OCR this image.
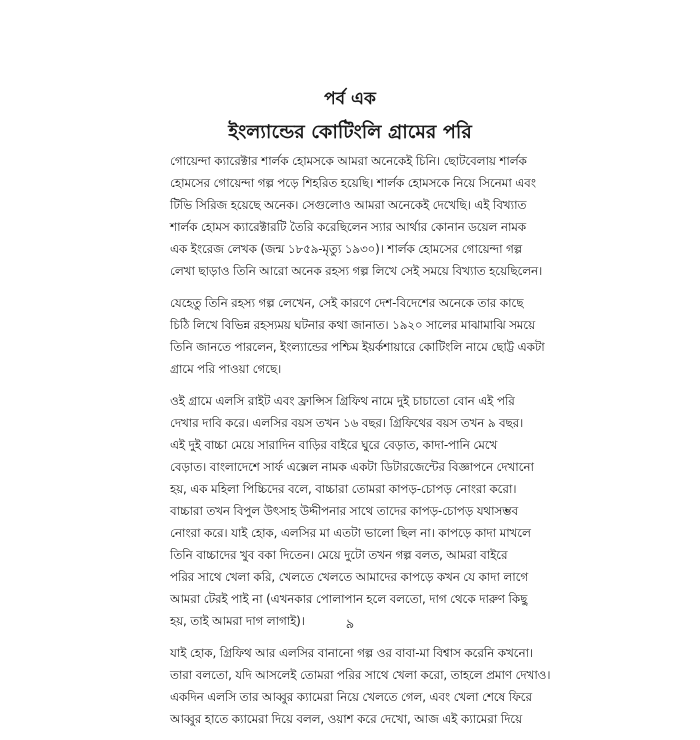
পর্ব এক
ইংল্যান্ডের কোটিংলি গ্রামের পরি
গোয়েন্দা ক্যারেক্টার শার্লক হোমসকে আমরা অনেকেই চিনি। ছোটবেলায় শার্লক
হোমসের গোয়েন্দা গল্প পড়ে শিহরিত হয়েছি। শার্লক হোমসকে নিয়ে সিনেমা এবং
টিভি সিরিজ হয়েছে অনেক। সেগুলোও আমরা অনেকেই দেখেছি। এই বিখ্যাত
শার্লক হোমস ক্যারেক্টারটি তৈরি করেছিলেন স্যার আর্থার কোনান ডয়েল নামক
এক ইংরেজ লেখক (জন্ম ১৮৫৯-মৃত্যু ১৯৩০)। শার্লক হোমসের গোয়েন্দা গল্প
লেখা ছাড়াও তিনি আরো অনেক রহস্য গল্প লিখে সেই সময়ে বিখ্যাত হয়েছিলেন।
যেহেতু তিনি রহস্য গল্প লেখেন, সেই কারণে দেশ-বিদেশের অনেকে তার কাছে
চিঠি লিখে বিভিন্ন রহস্যময় ঘটনার কথা জানাত। ১৯২০ সালের মাঝামাঝি সময়ে
তিনি জানতে পারলেন, ইংল্যান্ডের পশ্চিম ইয়র্কশায়ারে কোটিংলি নামে ছোট্ট একটা
গ্রামে পরি পাওয়া গেছে।
ওই গ্রামে এলসি রাইট এবং ফ্রান্সিস গ্রিফিথ নামে দুই চাচাতো বোন এই পরি
দেখার দাবি করে। এলসির বয়স তখন ১৬ বছর। গ্রিফিথের বয়স তখন ৯ বছর।
এই দুই বাচ্চা মেয়ে সারাদিন বাড়ির বাইরে ঘুরে বেড়াত, কাদা-পানি মেখে
বেড়াত। বাংলাদেশে সার্ফ এক্সেল নামক একটা ডিটারজেন্টের বিজ্ঞাপনে দেখানো
হয়, এক মহিলা পিচ্চিদের বলে, বাচ্চারা তোমরা কাপড়-চোপড় নোংরা করো।
বাচ্চারা তখন বিপুল উৎসাহ উদ্দীপনার সাথে তাদের কাপড়-চোপড় যথাসম্ভব
নোংরা করে। যাই হোক, এলসির মা এতটা ভালো ছিল না। কাপড়ে কাদা মাখলে
তিনি বাচ্চাদের খুব বকা দিতেন। মেয়ে দুটো তখন গল্প বলত, আমরা বাইরে
পরির সাথে খেলা করি, খেলতে খেলতে আমাদের কাপড়ে কখন যে কাদা লাগে
আমরা টেরই পাই না (এখনকার পোলাপান হলে বলতো, দাগ থেকে দারুণ কিছু
হয়, তাই আমরা দাগ লাগাই)।
যাই হোক, গ্রিফিথ আর এলসির বানানো গল্প ওর বাবা-মা বিশ্বাস করেনি কখনো।
তারা বলতো, যদি আসলেই তোমরা পরির সাথে খেলা করো, তাহলে প্রমাণ দেখাও।
একদিন এলসি তার আব্বুর ক্যামেরা নিয়ে খেলতে গেল, এবং খেলা শেষে ফিরে
আব্বুর হাতে ক্যামেরা দিয়ে বলল, ওয়াশ করে দেখো, আজ এই ক্যামেরা দিয়ে
৯
